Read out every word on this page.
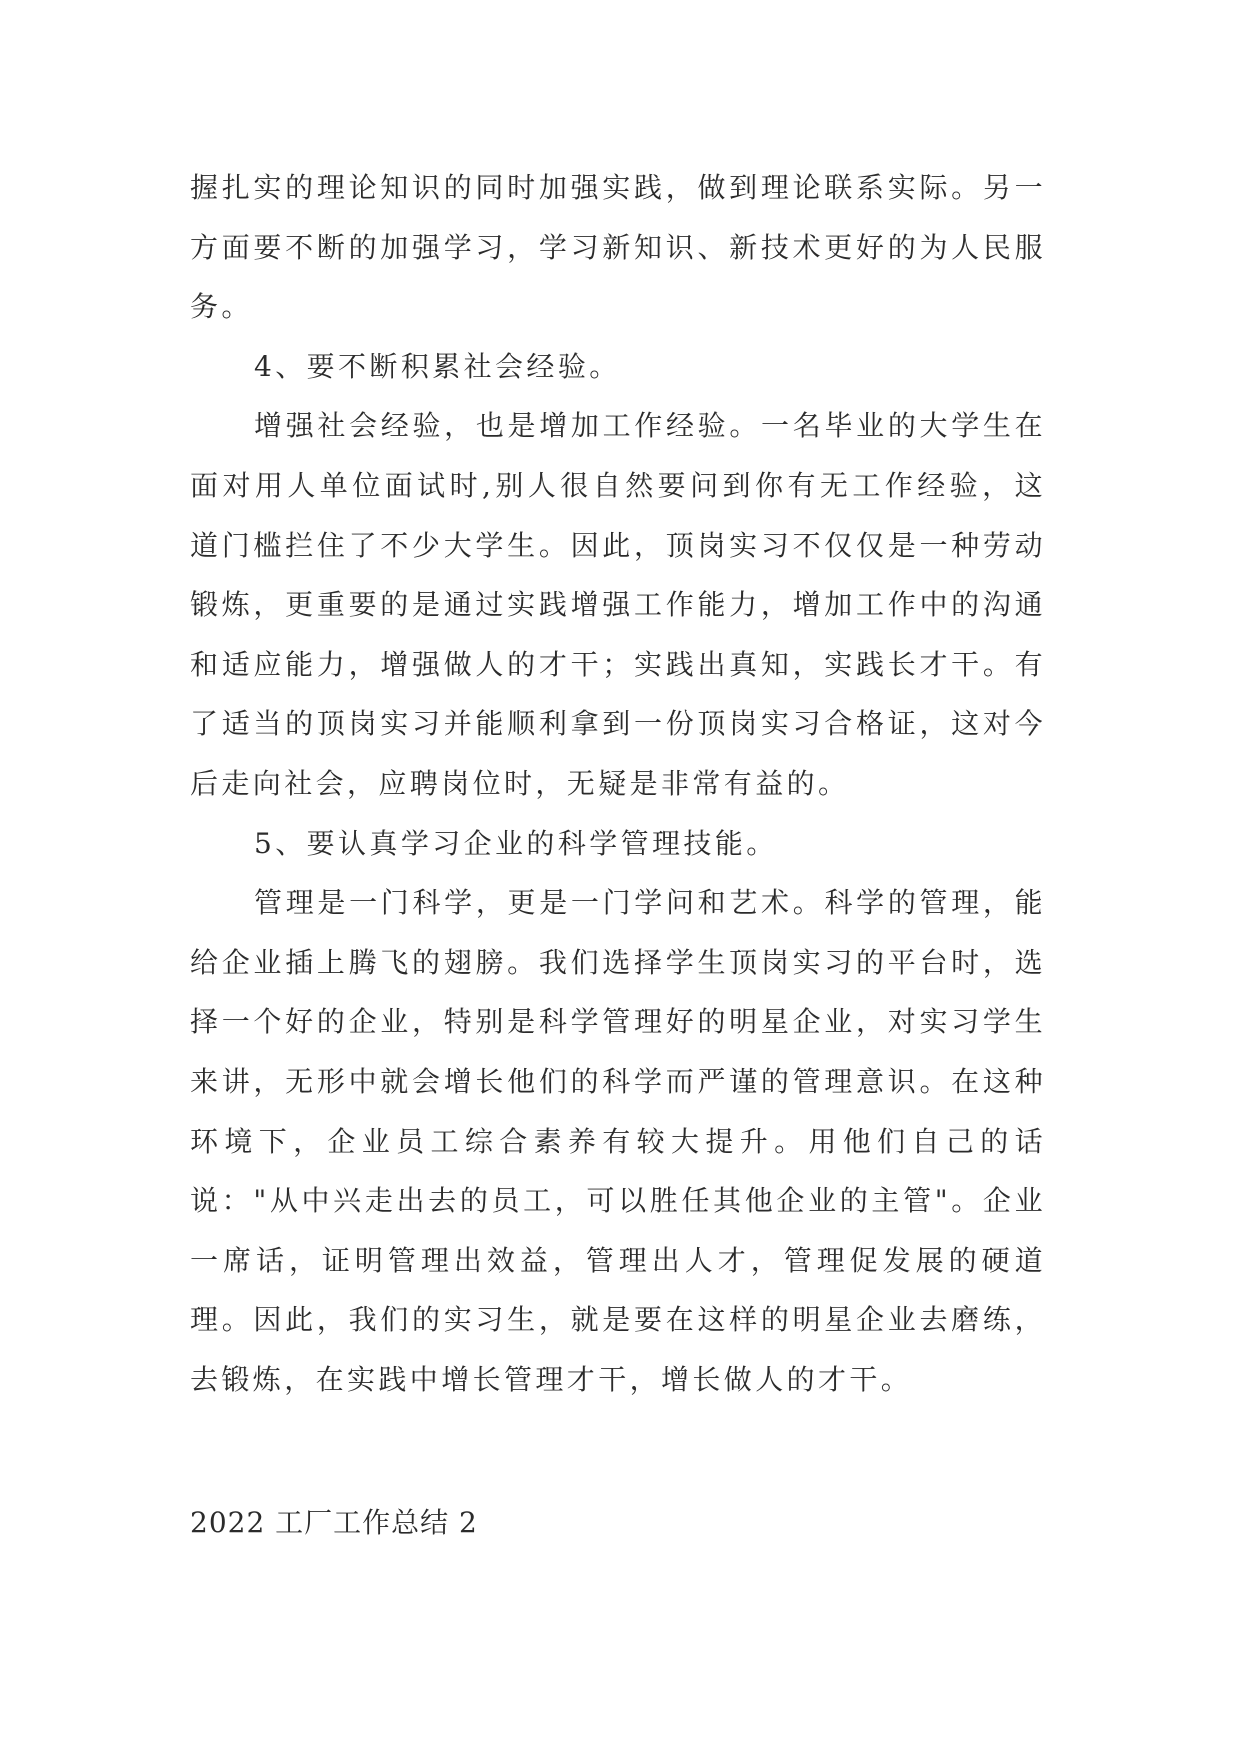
握扎实的理论知识的同时加强实践，做到理论联系实际。另一方面要不断的加强学习，学习新知识、新技术更好的为人民服务。

4、要不断积累社会经验。

增强社会经验，也是增加工作经验。一名毕业的大学生在面对用人单位面试时,别人很自然要问到你有无工作经验，这道门槛拦住了不少大学生。因此，顶岗实习不仅仅是一种劳动锻炼，更重要的是通过实践增强工作能力，增加工作中的沟通和适应能力，增强做人的才干；实践出真知，实践长才干。有了适当的顶岗实习并能顺利拿到一份顶岗实习合格证，这对今后走向社会，应聘岗位时，无疑是非常有益的。

5、要认真学习企业的科学管理技能。

管理是一门科学，更是一门学问和艺术。科学的管理，能给企业插上腾飞的翅膀。我们选择学生顶岗实习的平台时，选择一个好的企业，特别是科学管理好的明星企业，对实习学生来讲，无形中就会增长他们的科学而严谨的管理意识。在这种环境下，企业员工综合素养有较大提升。用他们自己的话说："从中兴走出去的员工，可以胜任其他企业的主管"。企业一席话，证明管理出效益，管理出人才，管理促发展的硬道理。因此，我们的实习生，就是要在这样的明星企业去磨练，去锻炼，在实践中增长管理才干，增长做人的才干。

2022 工厂工作总结 2
